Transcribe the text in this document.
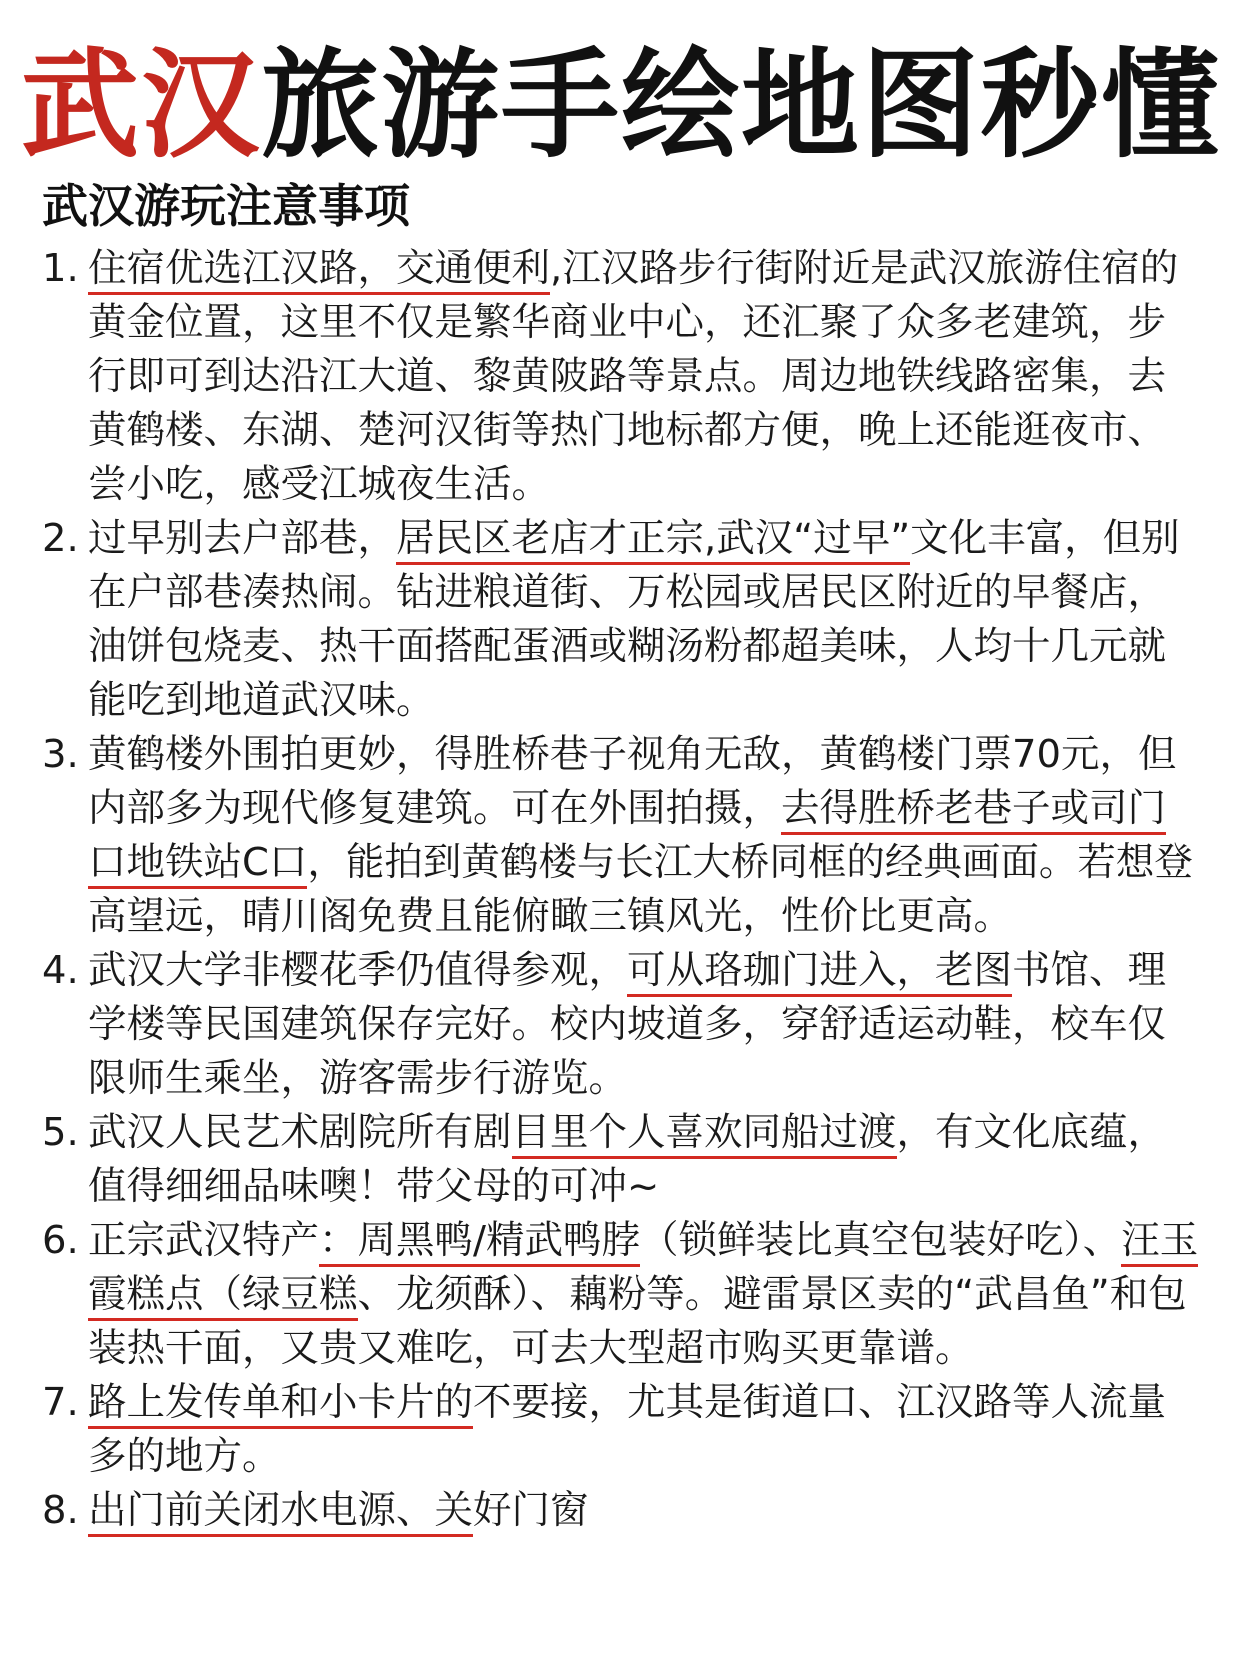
武汉旅游手绘地图秒懂
武汉游玩注意事项
1. 住宿优选江汉路，交通便利,江汉路步行街附近是武汉旅游住宿的黄金位置，这里不仅是繁华商业中心，还汇聚了众多老建筑，步行即可到达沿江大道、黎黄陂路等景点。周边地铁线路密集，去黄鹤楼、东湖、楚河汉街等热门地标都方便，晚上还能逛夜市、尝小吃，感受江城夜生活。
2. 过早别去户部巷，居民区老店才正宗,武汉“过早”文化丰富，但别在户部巷凑热闹。钻进粮道街、万松园或居民区附近的早餐店，油饼包烧麦、热干面搭配蛋酒或糊汤粉都超美味，人均十几元就能吃到地道武汉味。
3. 黄鹤楼外围拍更妙，得胜桥巷子视角无敌，黄鹤楼门票70元，但内部多为现代修复建筑。可在外围拍摄，去得胜桥老巷子或司门口地铁站C口，能拍到黄鹤楼与长江大桥同框的经典画面。若想登高望远，晴川阁免费且能俯瞰三镇风光，性价比更高。
4. 武汉大学非樱花季仍值得参观，可从珞珈门进入，老图书馆、理学楼等民国建筑保存完好。校内坡道多，穿舒适运动鞋，校车仅限师生乘坐，游客需步行游览。
5. 武汉人民艺术剧院所有剧目里个人喜欢同船过渡，有文化底蕴，值得细细品味噢！带父母的可冲~
6. 正宗武汉特产：周黑鸭/精武鸭脖（锁鲜装比真空包装好吃）、汪玉霞糕点（绿豆糕、龙须酥）、藕粉等。避雷景区卖的“武昌鱼”和包装热干面，又贵又难吃，可去大型超市购买更靠谱。
7. 路上发传单和小卡片的不要接，尤其是街道口、江汉路等人流量多的地方。
8. 出门前关闭水电源、关好门窗
